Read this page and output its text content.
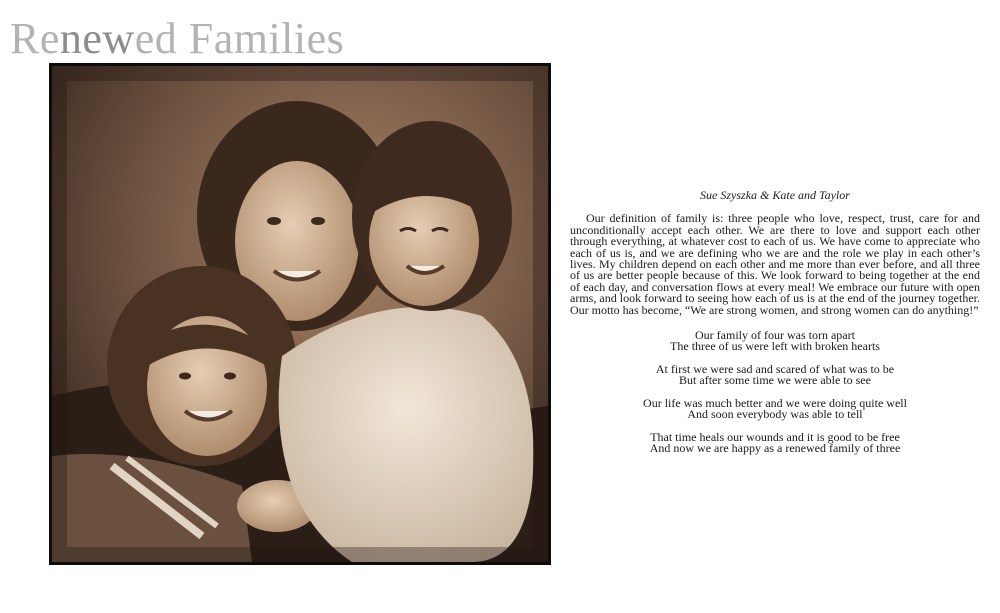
Renewed Families

Sue Szyszka & Kate and Taylor

Our definition of family is: three people who love, respect, trust, care for and unconditionally accept each other. We are there to love and support each other through everything, at whatever cost to each of us. We have come to appreciate who each of us is, and we are defining who we are and the role we play in each other’s lives. My children depend on each other and me more than ever before, and all three of us are better people because of this. We look forward to being together at the end of each day, and conversation flows at every meal! We embrace our future with open arms, and look forward to seeing how each of us is at the end of the journey together. Our motto has become, “We are strong women, and strong women can do anything!”

Our family of four was torn apart
The three of us were left with broken hearts
At first we were sad and scared of what was to be
But after some time we were able to see
Our life was much better and we were doing quite well
And soon everybody was able to tell
That time heals our wounds and it is good to be free
And now we are happy as a renewed family of three
